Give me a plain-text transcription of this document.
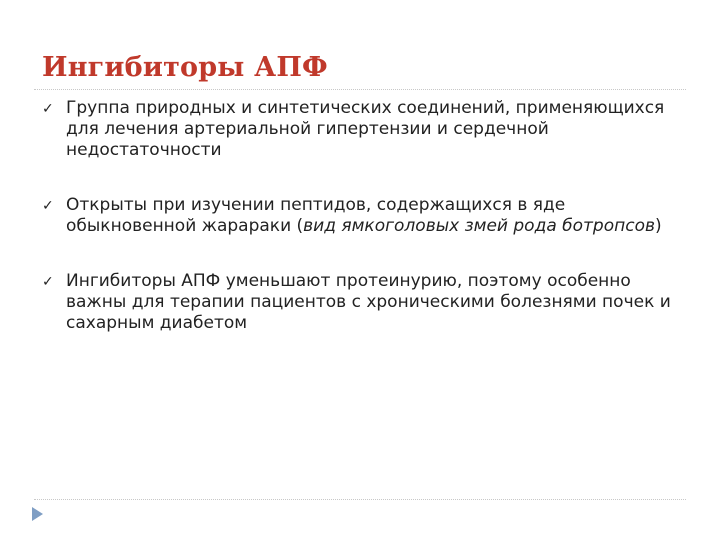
Ингибиторы АПФ
✓ Группа природных и синтетических соединений, применяющихся для лечения артериальной гипертензии и сердечной недостаточности
✓ Открыты при изучении пептидов, содержащихся в яде обыкновенной жарараки (вид ямкоголовых змей рода ботропсов)
✓ Ингибиторы АПФ уменьшают протеинурию, поэтому особенно важны для терапии пациентов с хроническими болезнями почек и сахарным диабетом
